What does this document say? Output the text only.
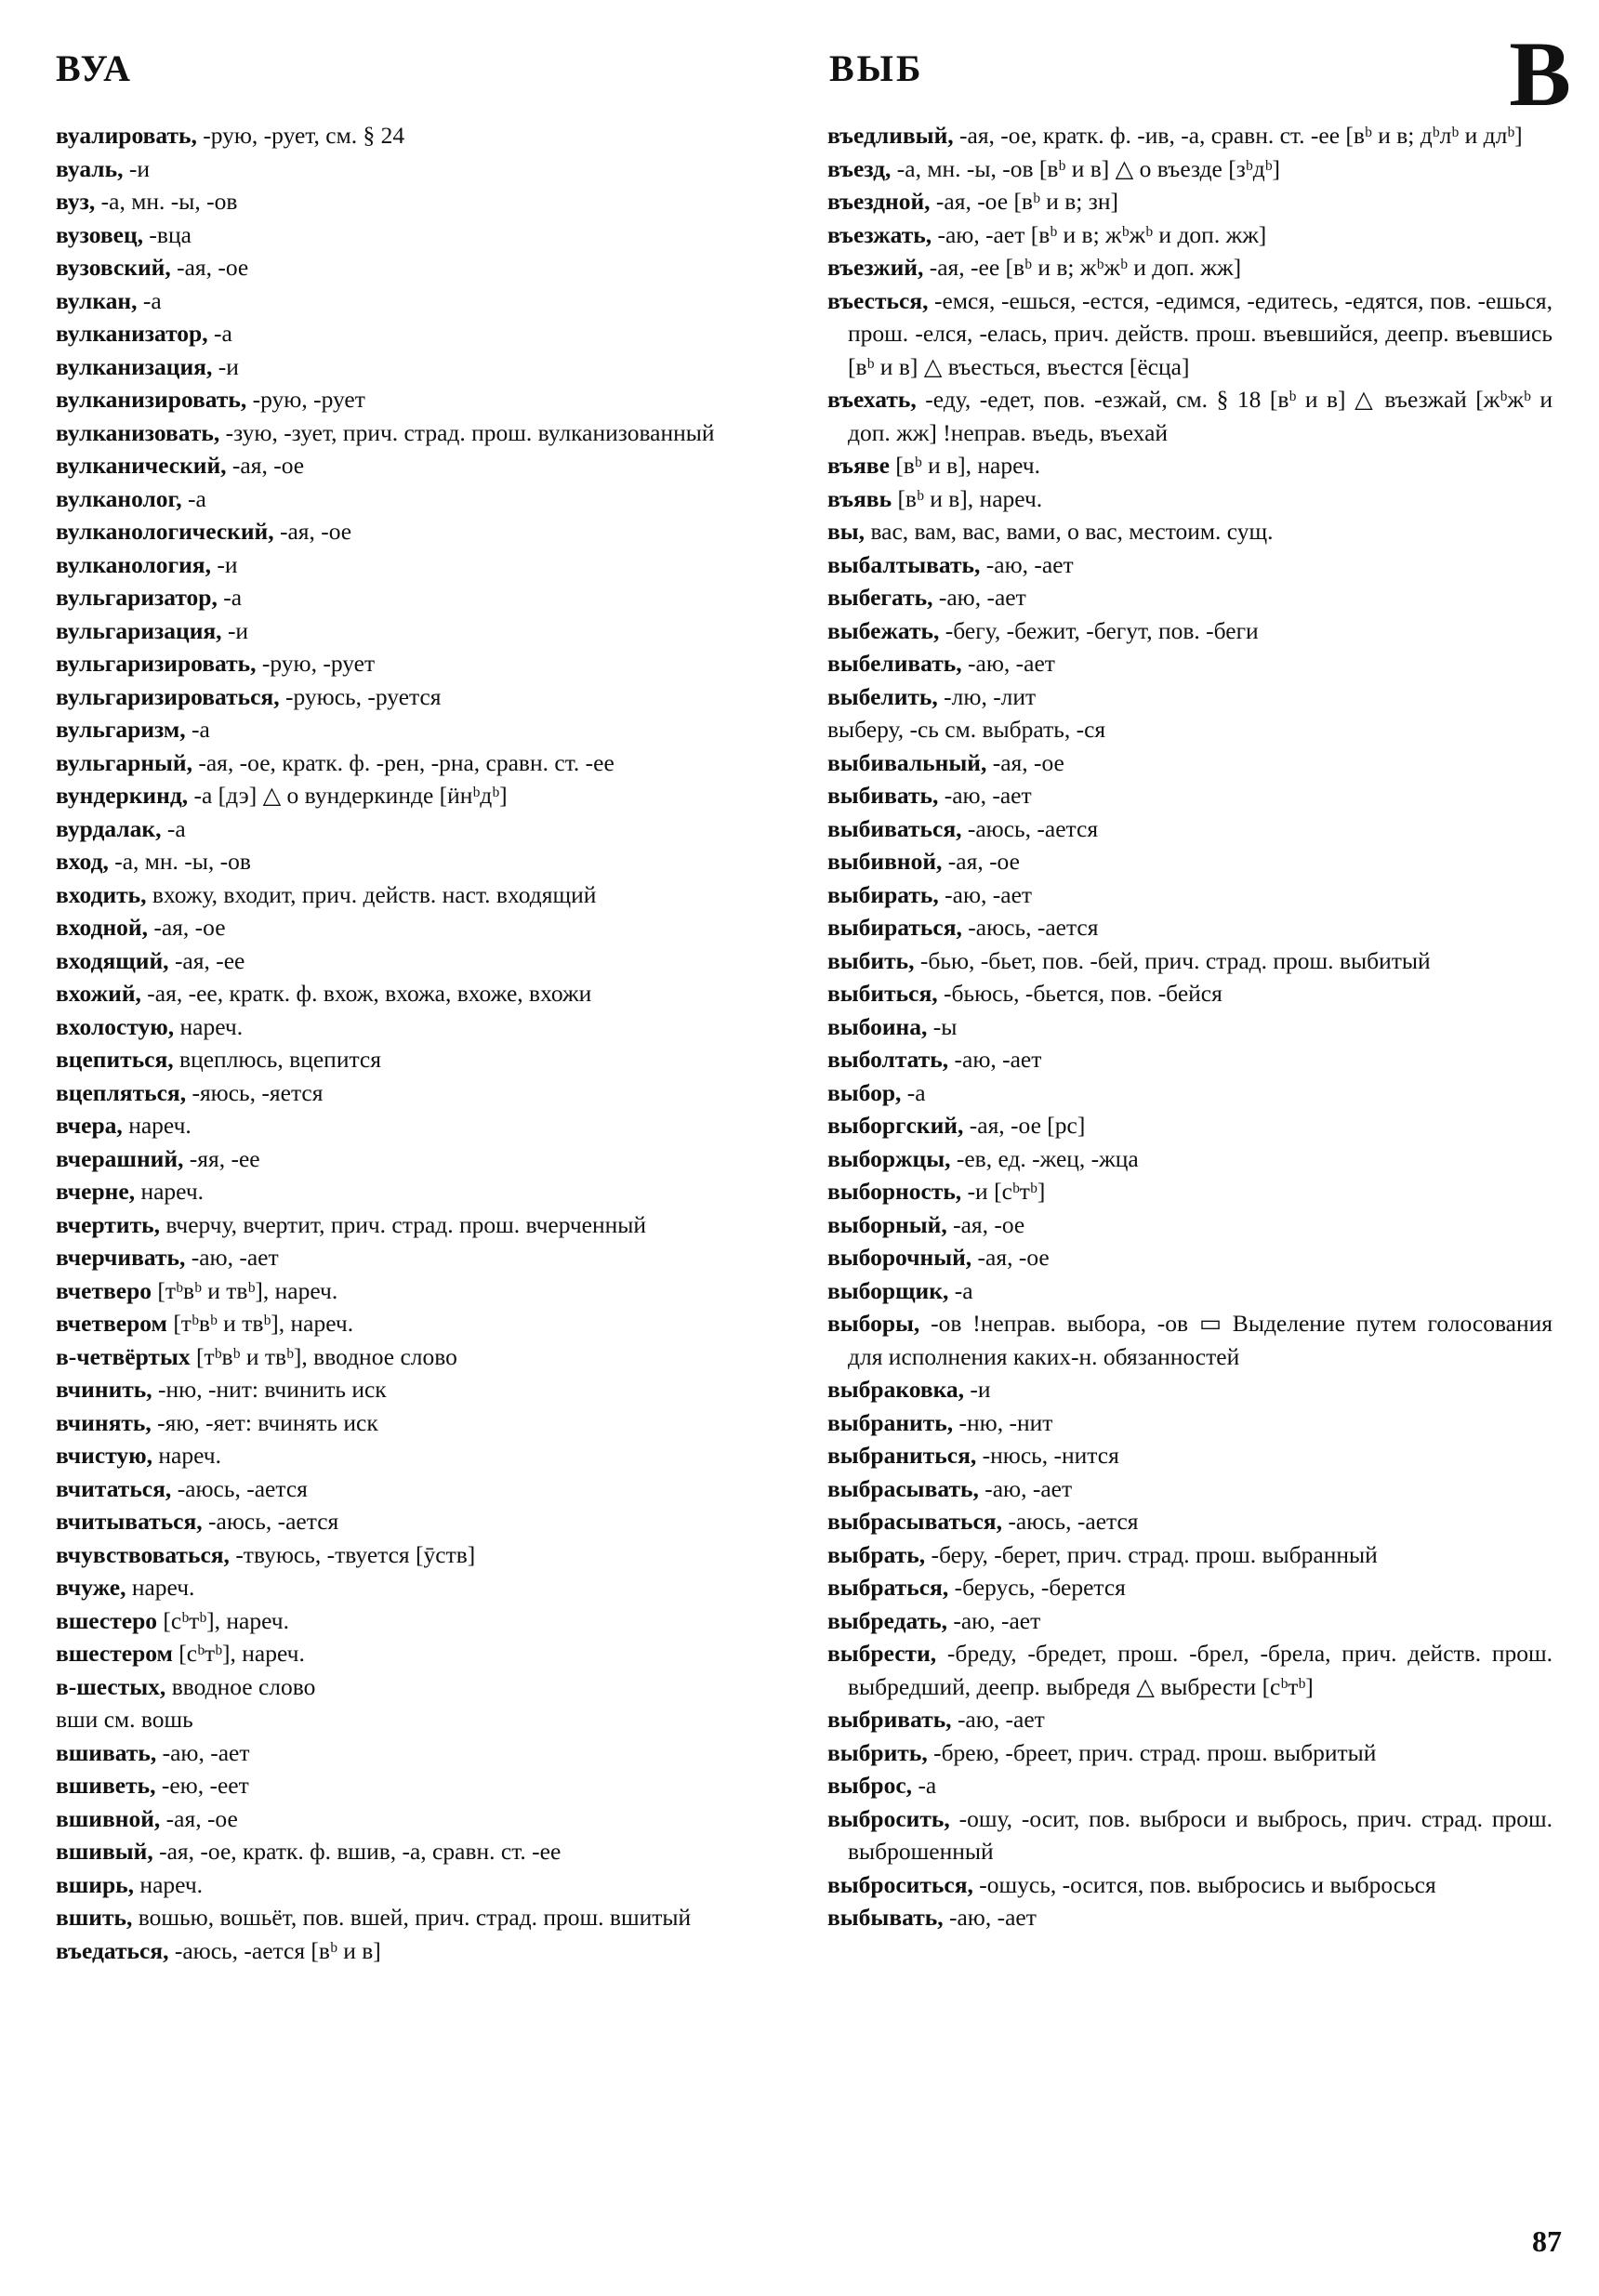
ВУА	ВЫБ	В
вуалировать, -рую, -рует, см. § 24
вуаль, -и
вуз, -а, мн. -ы, -ов
вузовец, -вца
вузовский, -ая, -ое
вулкан, -а
вулканизатор, -а
вулканизация, -и
вулканизировать, -рую, -рует
вулканизовать, -зую, -зует, прич. страд. прош. вулканизованный
вулканический, -ая, -ое
вулканолог, -а
вулканологический, -ая, -ое
вулканология, -и
вульгаризатор, -а
вульгаризация, -и
вульгаризировать, -рую, -рует
вульгаризироваться, -руюсь, -руется
вульгаризм, -а
вульгарный, -ая, -ое, кратк. ф. -рен, -рна, сравн. ст. -ее
вундеркинд, -а [дэ] △ о вундеркинде [ӥнᵇдᵇ]
вурдалак, -а
вход, -а, мн. -ы, -ов
входить, вхожу, входит, прич. действ. наст. входящий
входной, -ая, -ое
входящий, -ая, -ее
вхожий, -ая, -ее, кратк. ф. вхож, вхожа, вхоже, вхожи
вхолостую, нареч.
вцепиться, вцеплюсь, вцепится
вцепляться, -яюсь, -яется
вчера, нареч.
вчерашний, -яя, -ее
вчерне, нареч.
вчертить, вчерчу, вчертит, прич. страд. прош. вчерченный
вчерчивать, -аю, -ает
вчетверо [тᵇвᵇ и твᵇ], нареч.
вчетвером [тᵇвᵇ и твᵇ], нареч.
в-четвёртых [тᵇвᵇ и твᵇ], вводное слово
вчинить, -ню, -нит: вчинить иск
вчинять, -яю, -яет: вчинять иск
вчистую, нареч.
вчитаться, -аюсь, -ается
вчитываться, -аюсь, -ается
вчувствоваться, -твуюсь, -твуется [ӯств]
вчуже, нареч.
вшестеро [сᵇтᵇ], нареч.
вшестером [сᵇтᵇ], нареч.
в-шестых, вводное слово
вши см. вошь
вшивать, -аю, -ает
вшиветь, -ею, -еет
вшивной, -ая, -ое
вшивый, -ая, -ое, кратк. ф. вшив, -а, сравн. ст. -ее
вширь, нареч.
вшить, вошью, вошьёт, пов. вшей, прич. страд. прош. вшитый
въедаться, -аюсь, -ается [вᵇ и в]
въедливый, -ая, -ое, кратк. ф. -ив, -а, сравн. ст. -ее [вᵇ и в; дᵇлᵇ и длᵇ]
въезд, -а, мн. -ы, -ов [вᵇ и в] △ о въезде [зᵇдᵇ]
въездной, -ая, -ое [вᵇ и в; зн]
въезжать, -аю, -ает [вᵇ и в; жᵇжᵇ и доп. жж]
въезжий, -ая, -ее [вᵇ и в; жᵇжᵇ и доп. жж]
въесться, -емся, -ешься, -естся, -едимся, -едитесь, -едятся, пов. -ешься, прош. -елся, -елась, прич. действ. прош. въевшийся, деепр. въевшись [вᵇ и в] △ въесться, въестся [ёсца]
въехать, -еду, -едет, пов. -езжай, см. § 18 [вᵇ и в] △ въезжай [жᵇжᵇ и доп. жж] !неправ. въедь, въехай
въяве [вᵇ и в], нареч.
въявь [вᵇ и в], нареч.
вы, вас, вам, вас, вами, о вас, местоим. сущ.
выбалтывать, -аю, -ает
выбегать, -аю, -ает
выбежать, -бегу, -бежит, -бегут, пов. -беги
выбеливать, -аю, -ает
выбелить, -лю, -лит
выберу, -сь см. выбрать, -ся
выбивальный, -ая, -ое
выбивать, -аю, -ает
выбиваться, -аюсь, -ается
выбивной, -ая, -ое
выбирать, -аю, -ает
выбираться, -аюсь, -ается
выбить, -бью, -бьет, пов. -бей, прич. страд. прош. выбитый
выбиться, -бьюсь, -бьется, пов. -бейся
выбоина, -ы
выболтать, -аю, -ает
выбор, -а
выборгский, -ая, -ое [рс]
выборжцы, -ев, ед. -жец, -жца
выборность, -и [сᵇтᵇ]
выборный, -ая, -ое
выборочный, -ая, -ое
выборщик, -а
выборы, -ов !неправ. выбора, -ов ▭ Выделение путем голосования для исполнения каких-н. обязанностей
выбраковка, -и
выбранить, -ню, -нит
выбраниться, -нюсь, -нится
выбрасывать, -аю, -ает
выбрасываться, -аюсь, -ается
выбрать, -беру, -берет, прич. страд. прош. выбранный
выбраться, -берусь, -берется
выбредать, -аю, -ает
выбрести, -бреду, -бредет, прош. -брел, -брела, прич. действ. прош. выбредший, деепр. выбредя △ выбрести [сᵇтᵇ]
выбривать, -аю, -ает
выбрить, -брею, -бреет, прич. страд. прош. выбритый
выброс, -а
выбросить, -ошу, -осит, пов. выброси и выбрось, прич. страд. прош. выброшенный
выброситься, -ошусь, -осится, пов. выбросись и выбросься
выбывать, -аю, -ает
87
